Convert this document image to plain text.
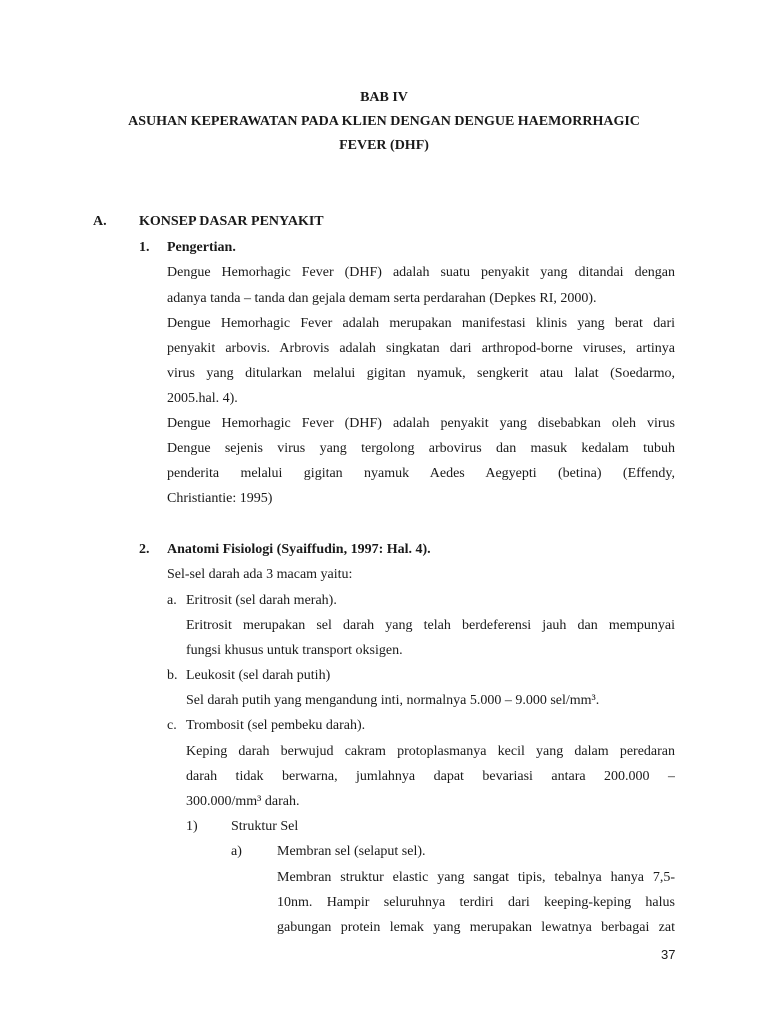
BAB IV
ASUHAN KEPERAWATAN PADA KLIEN DENGAN DENGUE HAEMORRHAGIC
FEVER (DHF)
A. KONSEP DASAR PENYAKIT
1. Pengertian.
Dengue Hemorhagic Fever (DHF) adalah suatu penyakit yang ditandai dengan
adanya tanda – tanda dan gejala demam serta perdarahan (Depkes RI, 2000).
Dengue Hemorhagic Fever adalah merupakan manifestasi klinis yang berat dari
penyakit arbovis. Arbrovis adalah singkatan dari arthropod-borne viruses, artinya
virus yang ditularkan melalui gigitan nyamuk, sengkerit atau lalat (Soedarmo,
2005.hal. 4).
Dengue Hemorhagic Fever (DHF) adalah penyakit yang disebabkan oleh virus
Dengue sejenis virus yang tergolong arbovirus dan masuk kedalam tubuh
penderita melalui gigitan nyamuk Aedes Aegyepti (betina) (Effendy,
Christiantie: 1995)
2. Anatomi Fisiologi (Syaiffudin, 1997: Hal. 4).
Sel-sel darah ada 3 macam yaitu:
a. Eritrosit (sel darah merah).
Eritrosit merupakan sel darah yang telah berdeferensi jauh dan mempunyai
fungsi khusus untuk transport oksigen.
b. Leukosit (sel darah putih)
Sel darah putih yang mengandung inti, normalnya 5.000 – 9.000 sel/mm³.
c. Trombosit (sel pembeku darah).
Keping darah berwujud cakram protoplasmanya kecil yang dalam peredaran
darah tidak berwarna, jumlahnya dapat bevariasi antara 200.000 –
300.000/mm³ darah.
1) Struktur Sel
a)	Membran sel (selaput sel).
Membran struktur elastic yang sangat tipis, tebalnya hanya 7,5-
10nm. Hampir seluruhnya terdiri dari keeping-keping halus
gabungan protein lemak yang merupakan lewatnya berbagai zat
37
